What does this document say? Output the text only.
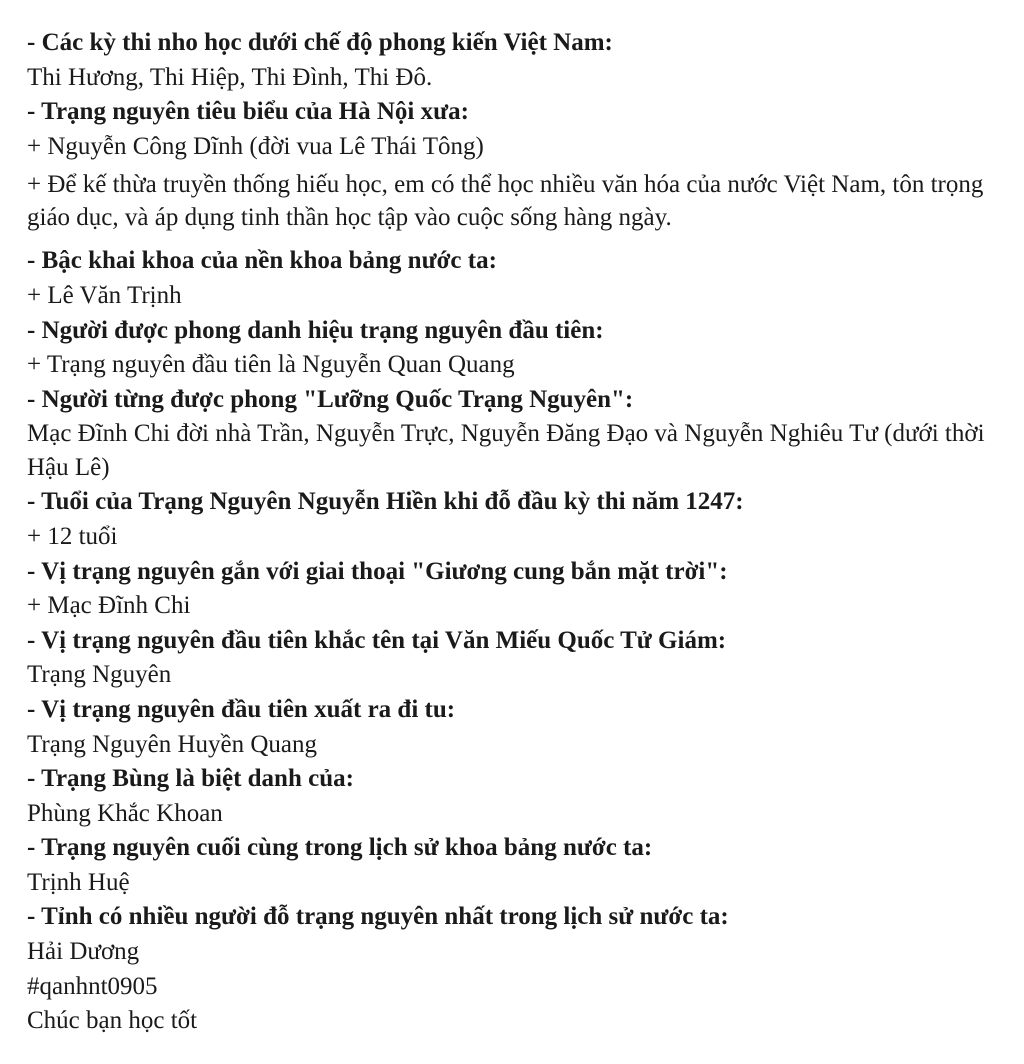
- Các kỳ thi nho học dưới chế độ phong kiến Việt Nam:
Thi Hương, Thi Hiệp, Thi Đình, Thi Đô.
- Trạng nguyên tiêu biểu của Hà Nội xưa:
+ Nguyễn Công Dĩnh (đời vua Lê Thái Tông)
+ Để kế thừa truyền thống hiếu học, em có thể học nhiều văn hóa của nước Việt Nam, tôn trọng giáo dục, và áp dụng tinh thần học tập vào cuộc sống hàng ngày.
- Bậc khai khoa của nền khoa bảng nước ta:
+ Lê Văn Trịnh
- Người được phong danh hiệu trạng nguyên đầu tiên:
+ Trạng nguyên đầu tiên là Nguyễn Quan Quang
- Người từng được phong "Lưỡng Quốc Trạng Nguyên":
Mạc Đĩnh Chi đời nhà Trần, Nguyễn Trực, Nguyễn Đăng Đạo và Nguyễn Nghiêu Tư (dưới thời Hậu Lê)
- Tuổi của Trạng Nguyên Nguyễn Hiền khi đỗ đầu kỳ thi năm 1247:
+ 12 tuổi
- Vị trạng nguyên gắn với giai thoại "Giương cung bắn mặt trời":
+ Mạc Đĩnh Chi
- Vị trạng nguyên đầu tiên khắc tên tại Văn Miếu Quốc Tử Giám:
Trạng Nguyên
- Vị trạng nguyên đầu tiên xuất ra đi tu:
Trạng Nguyên Huyền Quang
- Trạng Bùng là biệt danh của:
Phùng Khắc Khoan
- Trạng nguyên cuối cùng trong lịch sử khoa bảng nước ta:
Trịnh Huệ
- Tỉnh có nhiều người đỗ trạng nguyên nhất trong lịch sử nước ta:
Hải Dương
#qanhnt0905
Chúc bạn học tốt
